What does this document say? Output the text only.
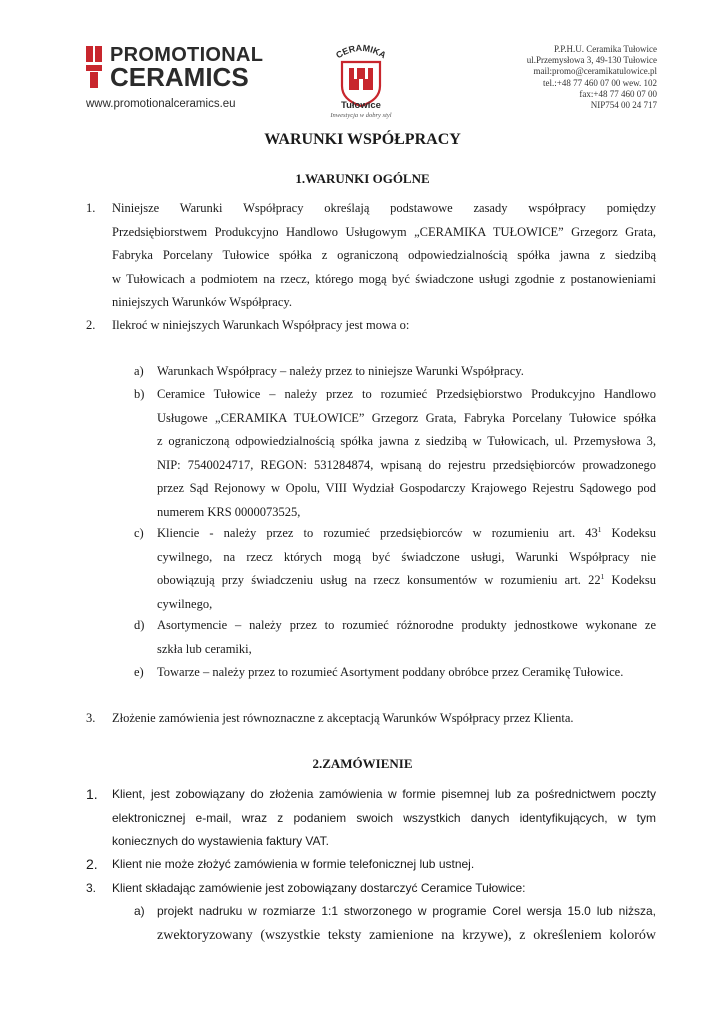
PROMOTIONAL
CERAMICS
www.promotionalceramics.eu
CERAMIKA
Tułowice
Inwestycja w dobry styl
P.P.H.U. Ceramika Tułowice
ul.Przemysłowa 3, 49-130 Tułowice
mail:promo@ceramikatulowice.pl
tel.:+48 77 460 07 00 wew. 102
fax:+48 77 460 07 00
NIP754 00 24 717
WARUNKI WSPÓŁPRACY
1.WARUNKI OGÓLNE
1. Niniejsze Warunki Współpracy określają podstawowe zasady współpracy pomiędzy
Przedsiębiorstwem Produkcyjno Handlowo Usługowym „CERAMIKA TUŁOWICE” Grzegorz Grata,
Fabryka Porcelany Tułowice spółka z ograniczoną odpowiedzialnością spółka jawna z siedzibą
w Tułowicach a podmiotem na rzecz, którego mogą być świadczone usługi zgodnie z postanowieniami
niniejszych Warunków Współpracy.
2. Ilekroć w niniejszych Warunkach Współpracy jest mowa o:
a) Warunkach Współpracy – należy przez to niniejsze Warunki Współpracy.
b) Ceramice Tułowice – należy przez to rozumieć Przedsiębiorstwo Produkcyjno Handlowo
Usługowe „CERAMIKA TUŁOWICE” Grzegorz Grata, Fabryka Porcelany Tułowice spółka
z ograniczoną odpowiedzialnością spółka jawna z siedzibą w Tułowicach, ul. Przemysłowa 3,
NIP: 7540024717, REGON: 531284874, wpisaną do rejestru przedsiębiorców prowadzonego
przez Sąd Rejonowy w Opolu, VIII Wydział Gospodarczy Krajowego Rejestru Sądowego pod
numerem KRS 0000073525,
c) Kliencie - należy przez to rozumieć przedsiębiorców w rozumieniu art. $43^1$ Kodeksu
cywilnego, na rzecz których mogą być świadczone usługi, Warunki Współpracy nie
obowiązują przy świadczeniu usług na rzecz konsumentów w rozumieniu art. $22^1$ Kodeksu
cywilnego,
d) Asortymencie – należy przez to rozumieć różnorodne produkty jednostkowe wykonane ze
szkła lub ceramiki,
e) Towarze – należy przez to rozumieć Asortyment poddany obróbce przez Ceramikę Tułowice.
3. Złożenie zamówienia jest równoznaczne z akceptacją Warunków Współpracy przez Klienta.
2.ZAMÓWIENIE
1. Klient, jest zobowiązany do złożenia zamówienia w formie pisemnej lub za pośrednictwem poczty
elektronicznej e-mail, wraz z podaniem swoich wszystkich danych identyfikujących, w tym
koniecznych do wystawienia faktury VAT.
2. Klient nie może złożyć zamówienia w formie telefonicznej lub ustnej.
3. Klient składając zamówienie jest zobowiązany dostarczyć Ceramice Tułowice:
a) projekt nadruku w rozmiarze 1:1 stworzonego w programie Corel wersja 15.0 lub niższa,
zwektoryzowany (wszystkie teksty zamienione na krzywe), z określeniem kolorów
